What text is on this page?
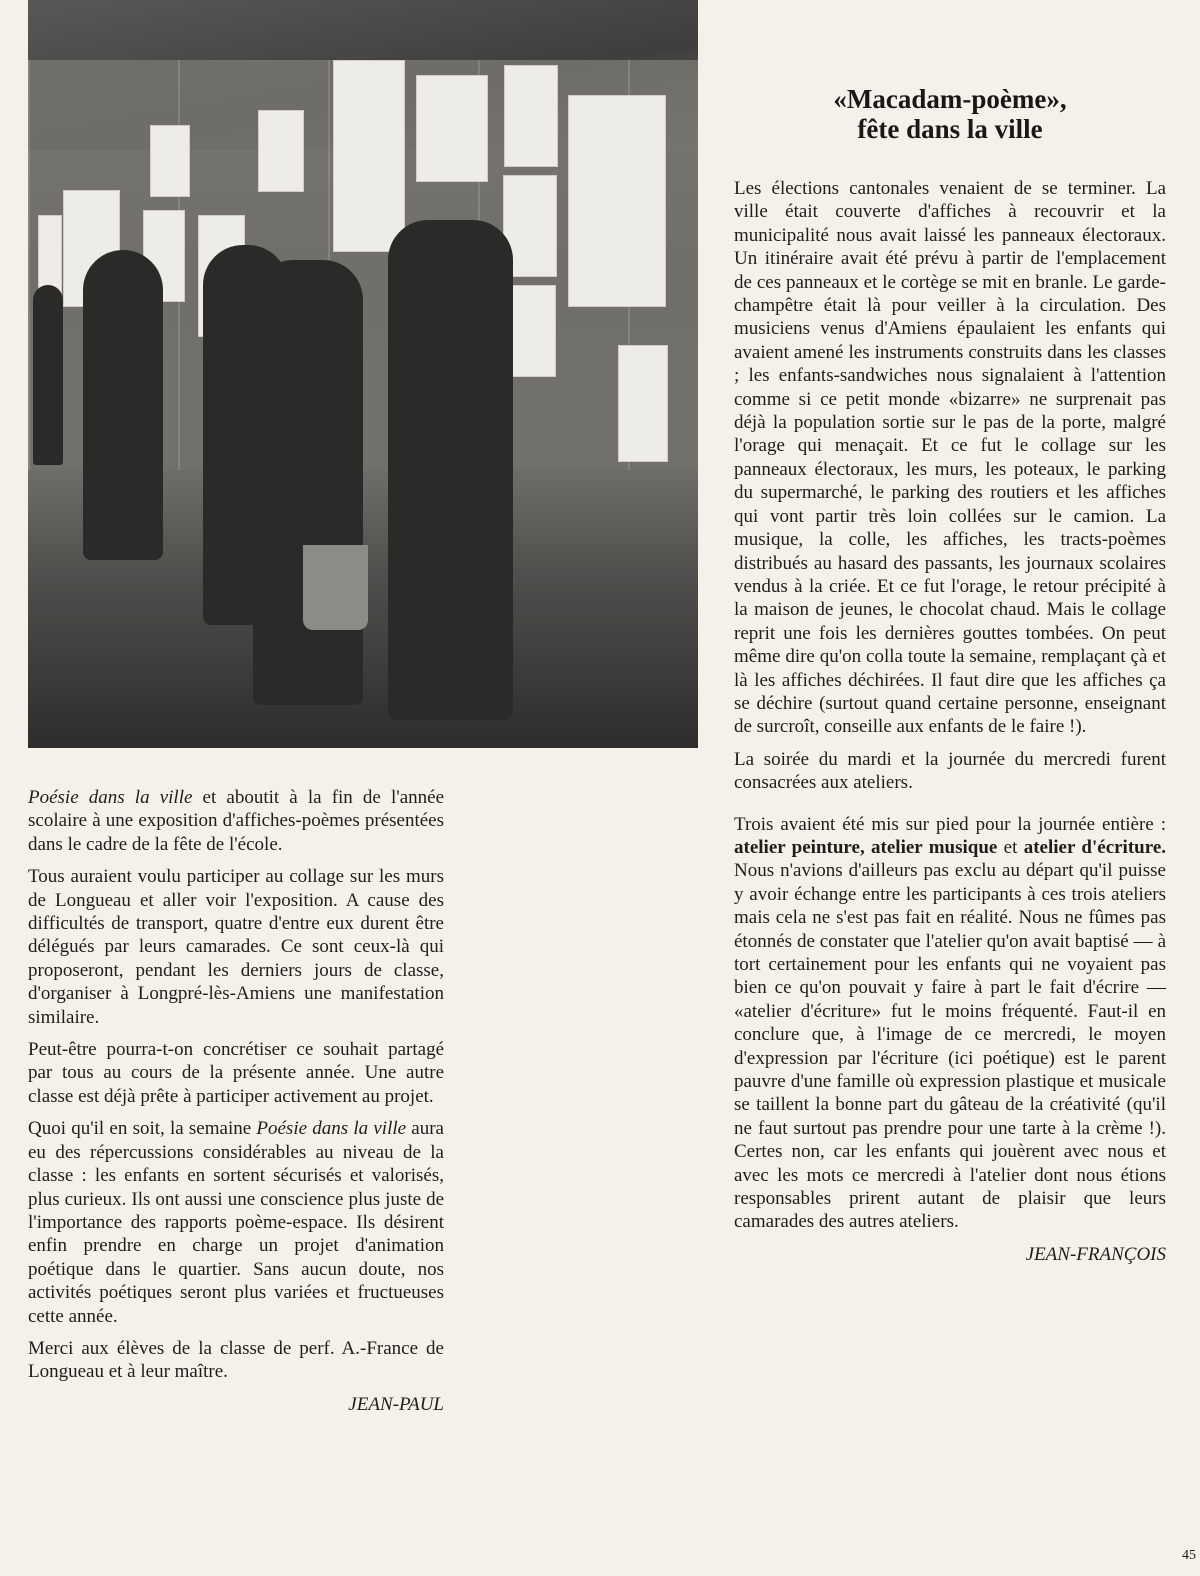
«Macadam-poème»,
fête dans la ville

Poésie dans la ville et aboutit à la fin de l'année scolaire à une exposition d'affiches-poèmes présentées dans le cadre de la fête de l'école.

Tous auraient voulu participer au collage sur les murs de Longueau et aller voir l'exposition. A cause des difficultés de transport, quatre d'entre eux durent être délégués par leurs camarades. Ce sont ceux-là qui proposeront, pendant les derniers jours de classe, d'organiser à Longpré-lès-Amiens une manifestation similaire.

Peut-être pourra-t-on concrétiser ce souhait partagé par tous au cours de la présente année. Une autre classe est déjà prête à participer activement au projet.

Quoi qu'il en soit, la semaine Poésie dans la ville aura eu des répercussions considérables au niveau de la classe : les enfants en sortent sécurisés et valorisés, plus curieux. Ils ont aussi une conscience plus juste de l'importance des rapports poème-espace. Ils désirent enfin prendre en charge un projet d'animation poétique dans le quartier. Sans aucun doute, nos activités poétiques seront plus variées et fructueuses cette année.

Merci aux élèves de la classe de perf. A.-France de Longueau et à leur maître.

JEAN-PAUL

Les élections cantonales venaient de se terminer. La ville était couverte d'affiches à recouvrir et la municipalité nous avait laissé les panneaux électoraux. Un itinéraire avait été prévu à partir de l'emplacement de ces panneaux et le cortège se mit en branle. Le garde-champêtre était là pour veiller à la circulation. Des musiciens venus d'Amiens épaulaient les enfants qui avaient amené les instruments construits dans les classes ; les enfants-sandwiches nous signalaient à l'attention comme si ce petit monde «bizarre» ne surprenait pas déjà la population sortie sur le pas de la porte, malgré l'orage qui menaçait. Et ce fut le collage sur les panneaux électoraux, les murs, les poteaux, le parking du supermarché, le parking des routiers et les affiches qui vont partir très loin collées sur le camion. La musique, la colle, les affiches, les tracts-poèmes distribués au hasard des passants, les journaux scolaires vendus à la criée. Et ce fut l'orage, le retour précipité à la maison de jeunes, le chocolat chaud. Mais le collage reprit une fois les dernières gouttes tombées. On peut même dire qu'on colla toute la semaine, remplaçant çà et là les affiches déchirées. Il faut dire que les affiches ça se déchire (surtout quand certaine personne, enseignant de surcroît, conseille aux enfants de le faire !).

La soirée du mardi et la journée du mercredi furent consacrées aux ateliers.

Trois avaient été mis sur pied pour la journée entière : atelier peinture, atelier musique et atelier d'écriture. Nous n'avions d'ailleurs pas exclu au départ qu'il puisse y avoir échange entre les participants à ces trois ateliers mais cela ne s'est pas fait en réalité. Nous ne fûmes pas étonnés de constater que l'atelier qu'on avait baptisé — à tort certainement pour les enfants qui ne voyaient pas bien ce qu'on pouvait y faire à part le fait d'écrire — «atelier d'écriture» fut le moins fréquenté. Faut-il en conclure que, à l'image de ce mercredi, le moyen d'expression par l'écriture (ici poétique) est le parent pauvre d'une famille où expression plastique et musicale se taillent la bonne part du gâteau de la créativité (qu'il ne faut surtout pas prendre pour une tarte à la crème !). Certes non, car les enfants qui jouèrent avec nous et avec les mots ce mercredi à l'atelier dont nous étions responsables prirent autant de plaisir que leurs camarades des autres ateliers.

JEAN-FRANÇOIS
45
